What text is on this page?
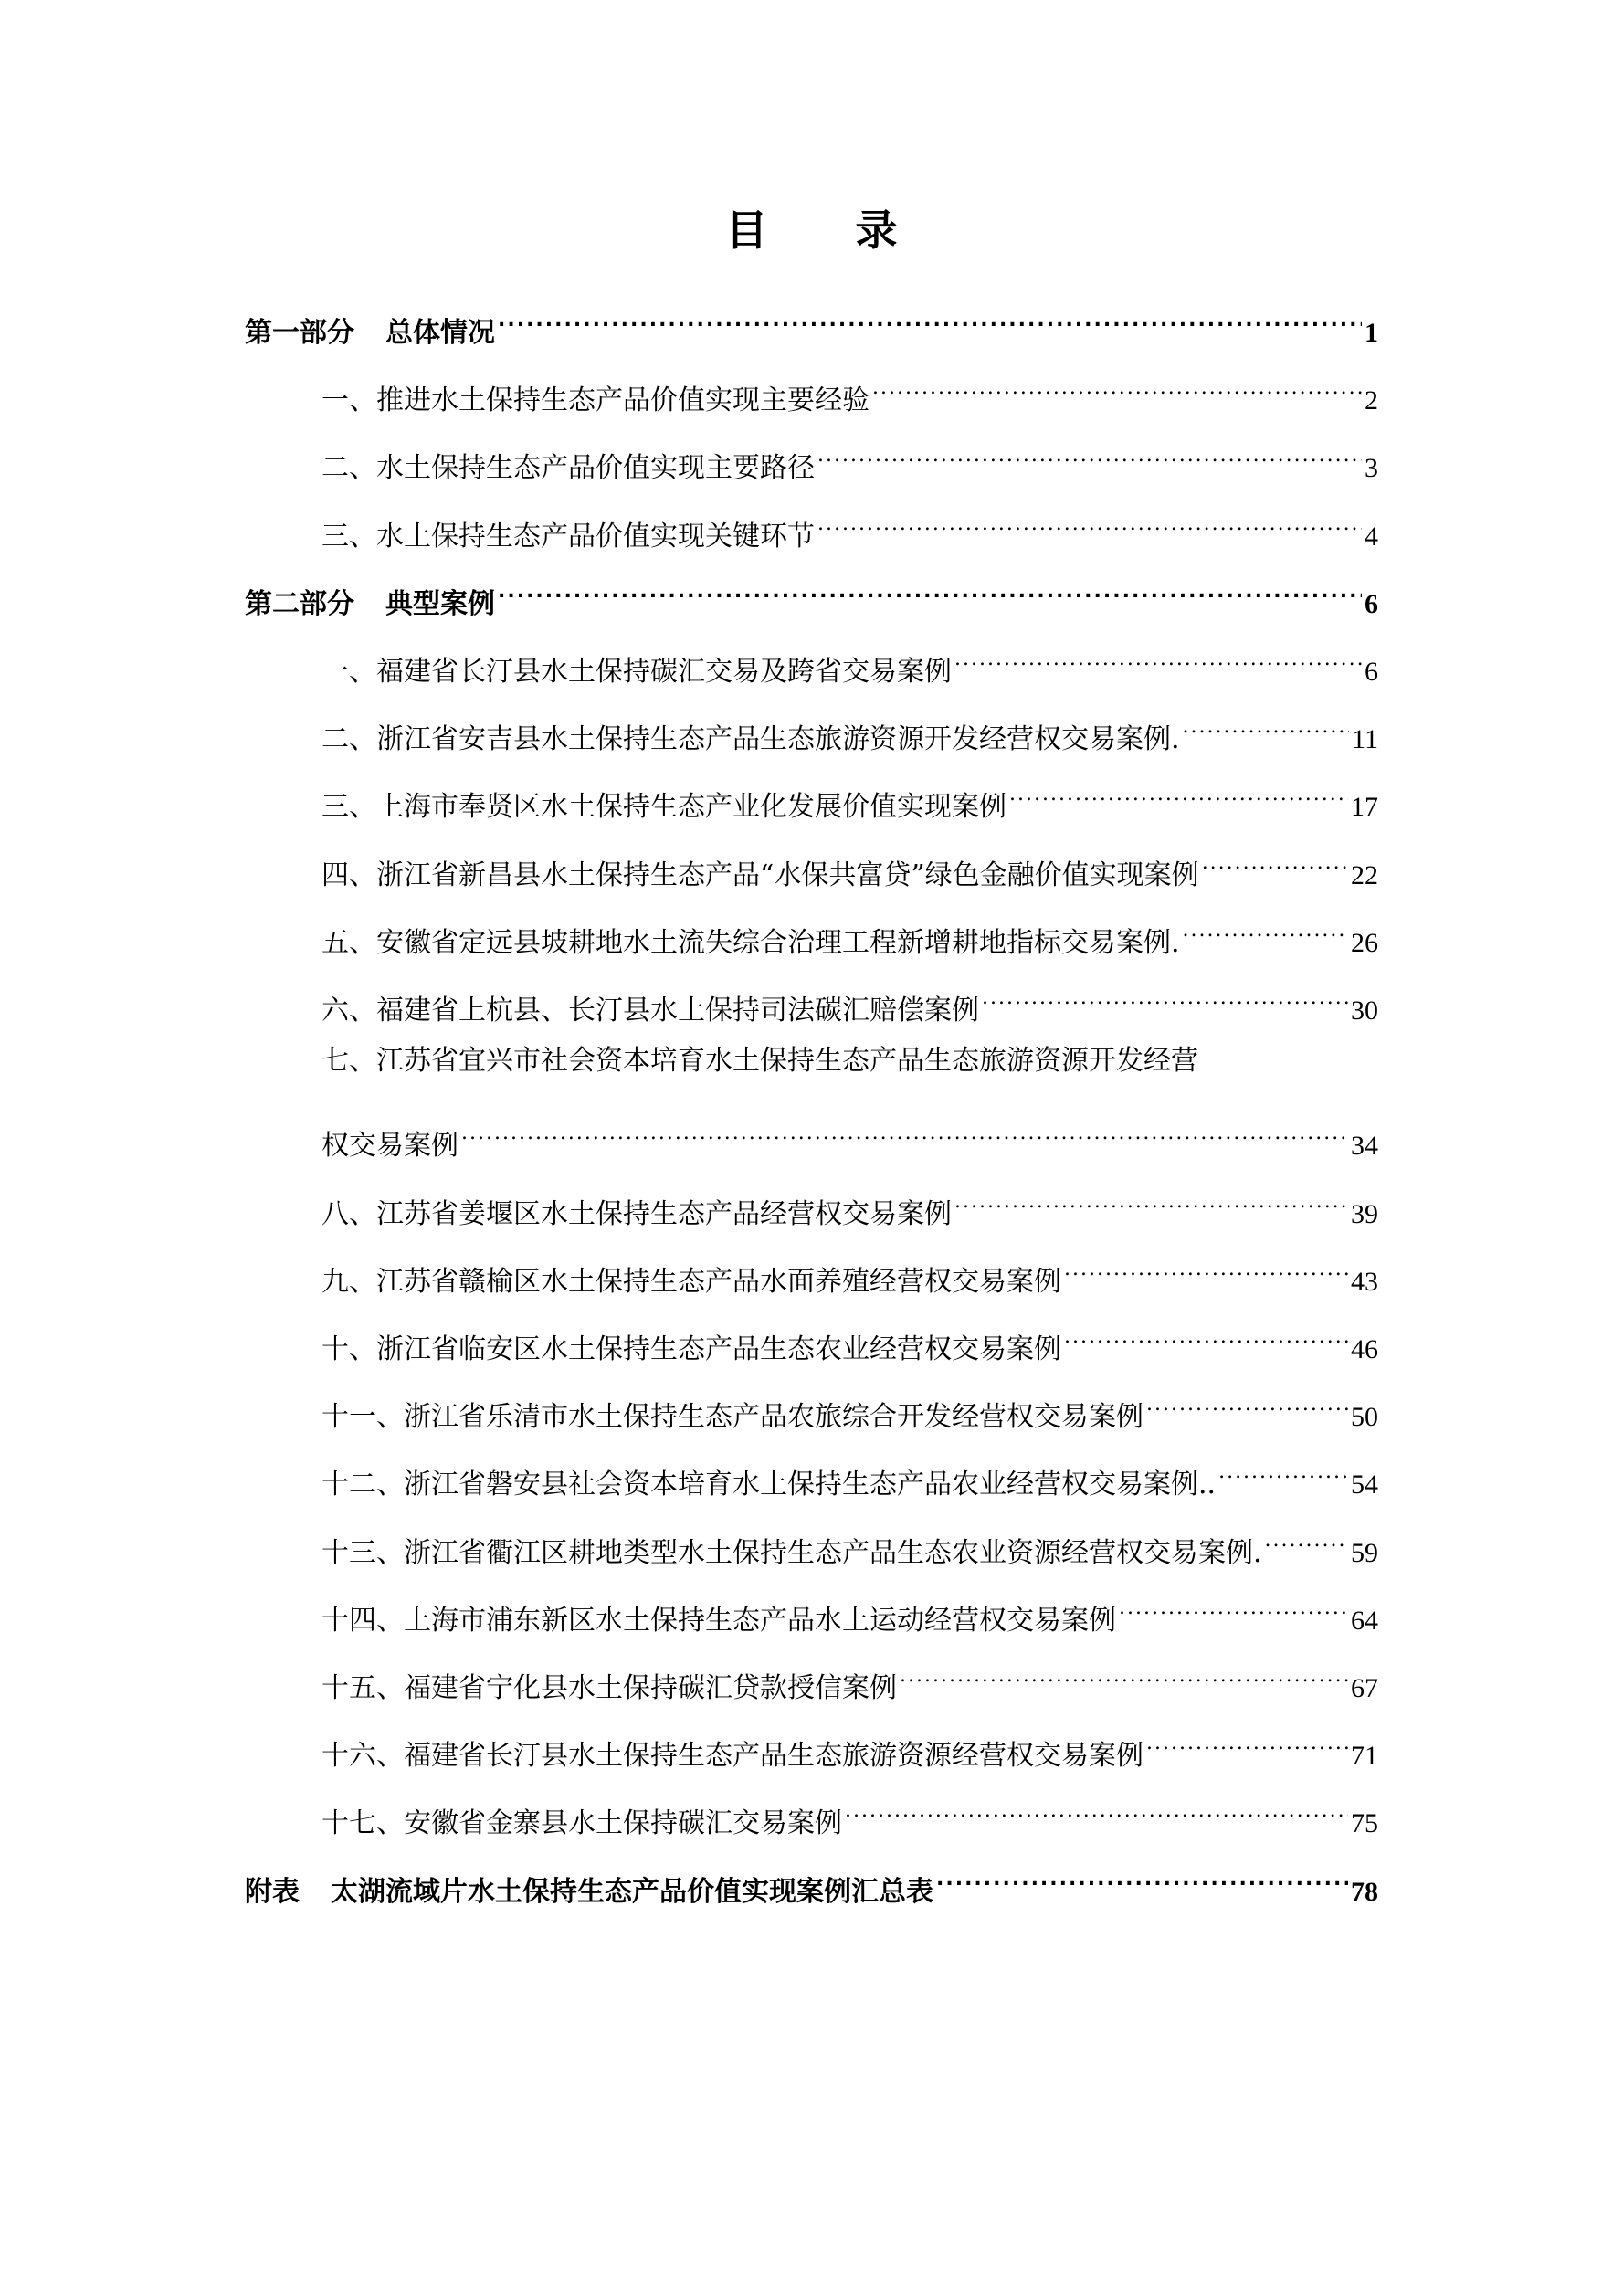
目 录
第一部分 总体情况 .....	1
一、推进水土保持生态产品价值实现主要经验 .....	2
二、水土保持生态产品价值实现主要路径 .....	3
三、水土保持生态产品价值实现关键环节 .....	4
第二部分 典型案例 .....	6
一、福建省长汀县水土保持碳汇交易及跨省交易案例 .....	6
二、浙江省安吉县水土保持生态产品生态旅游资源开发经营权交易案例. .....	11
三、上海市奉贤区水土保持生态产业化发展价值实现案例 .....	17
四、浙江省新昌县水土保持生态产品“水保共富贷”绿色金融价值实现案例 .....	22
五、安徽省定远县坡耕地水土流失综合治理工程新增耕地指标交易案例. .....	26
六、福建省上杭县、长汀县水土保持司法碳汇赔偿案例 .....	30
七、江苏省宜兴市社会资本培育水土保持生态产品生态旅游资源开发经营
权交易案例 .....	34
八、江苏省姜堰区水土保持生态产品经营权交易案例 .....	39
九、江苏省赣榆区水土保持生态产品水面养殖经营权交易案例 .....	43
十、浙江省临安区水土保持生态产品生态农业经营权交易案例 .....	46
十一、浙江省乐清市水土保持生态产品农旅综合开发经营权交易案例 .....	50
十二、浙江省磐安县社会资本培育水土保持生态产品农业经营权交易案例.. .....	54
十三、浙江省衢江区耕地类型水土保持生态产品生态农业资源经营权交易案例. .....	59
十四、上海市浦东新区水土保持生态产品水上运动经营权交易案例 .....	64
十五、福建省宁化县水土保持碳汇贷款授信案例 .....	67
十六、福建省长汀县水土保持生态产品生态旅游资源经营权交易案例 .....	71
十七、安徽省金寨县水土保持碳汇交易案例 .....	75
附表 太湖流域片水土保持生态产品价值实现案例汇总表 .....	78
